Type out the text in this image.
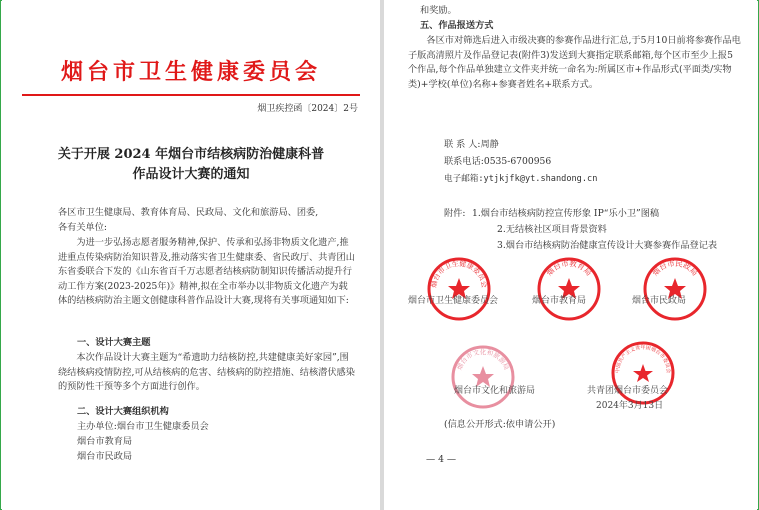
烟台市卫生健康委员会
烟卫疾控函〔2024〕2号
关于开展 2024 年烟台市结核病防治健康科普
作品设计大赛的通知
各区市卫生健康局、教育体育局、民政局、文化和旅游局、团委,
各有关单位:
为进一步弘扬志愿者服务精神,保护、传承和弘扬非物质文化遗产,推进重点传染病防治知识普及,推动落实省卫生健康委、省民政厅、共青团山东省委联合下发的《山东省百千万志愿者结核病防制知识传播活动提升行动工作方案(2023-2025年)》精神,拟在全市举办以非物质文化遗产为载体的结核病防治主题文创健康科普作品设计大赛,现将有关事项通知如下:
一、设计大赛主题
本次作品设计大赛主题为“希遗助力结核防控,共建健康美好家园”,围绕结核病疫情防控,可从结核病的危害、结核病的防控措施、结核潜伏感染的预防性干预等多个方面进行创作。
二、设计大赛组织机构
主办单位:烟台市卫生健康委员会
烟台市教育局
烟台市民政局
和奖励。
五、作品报送方式
各区市对筛选后进入市级决赛的参赛作品进行汇总,于5月10日前将参赛作品电子版高清照片及作品登记表(附件3)发送到大赛指定联系邮箱,每个区市至少上报5个作品,每个作品单独建立文件夹并统一命名为:所属区市+作品形式(平面类/实物类)+学校(单位)名称+参赛者姓名+联系方式。
联 系 人:周静
联系电话:0535-6700956
电子邮箱:ytjkjfk@yt.shandong.cn
附件: 1.烟台市结核病防控宣传形象 IP“乐小卫”图稿
2.无结核社区项目背景资料
3.烟台市结核病防治健康宣传设计大赛参赛作品登记表
烟台市卫生健康委员会
烟台市教育局	烟台市民政局
烟台市卫生健康委员会	烟台市教育局	烟台市民政局
烟台市文化和旅游局	中国共产主义青年团烟台市委员会
烟台市文化和旅游局	共青团烟台市委员会
2024年3月13日
(信息公开形式:依申请公开)
— 4 —
